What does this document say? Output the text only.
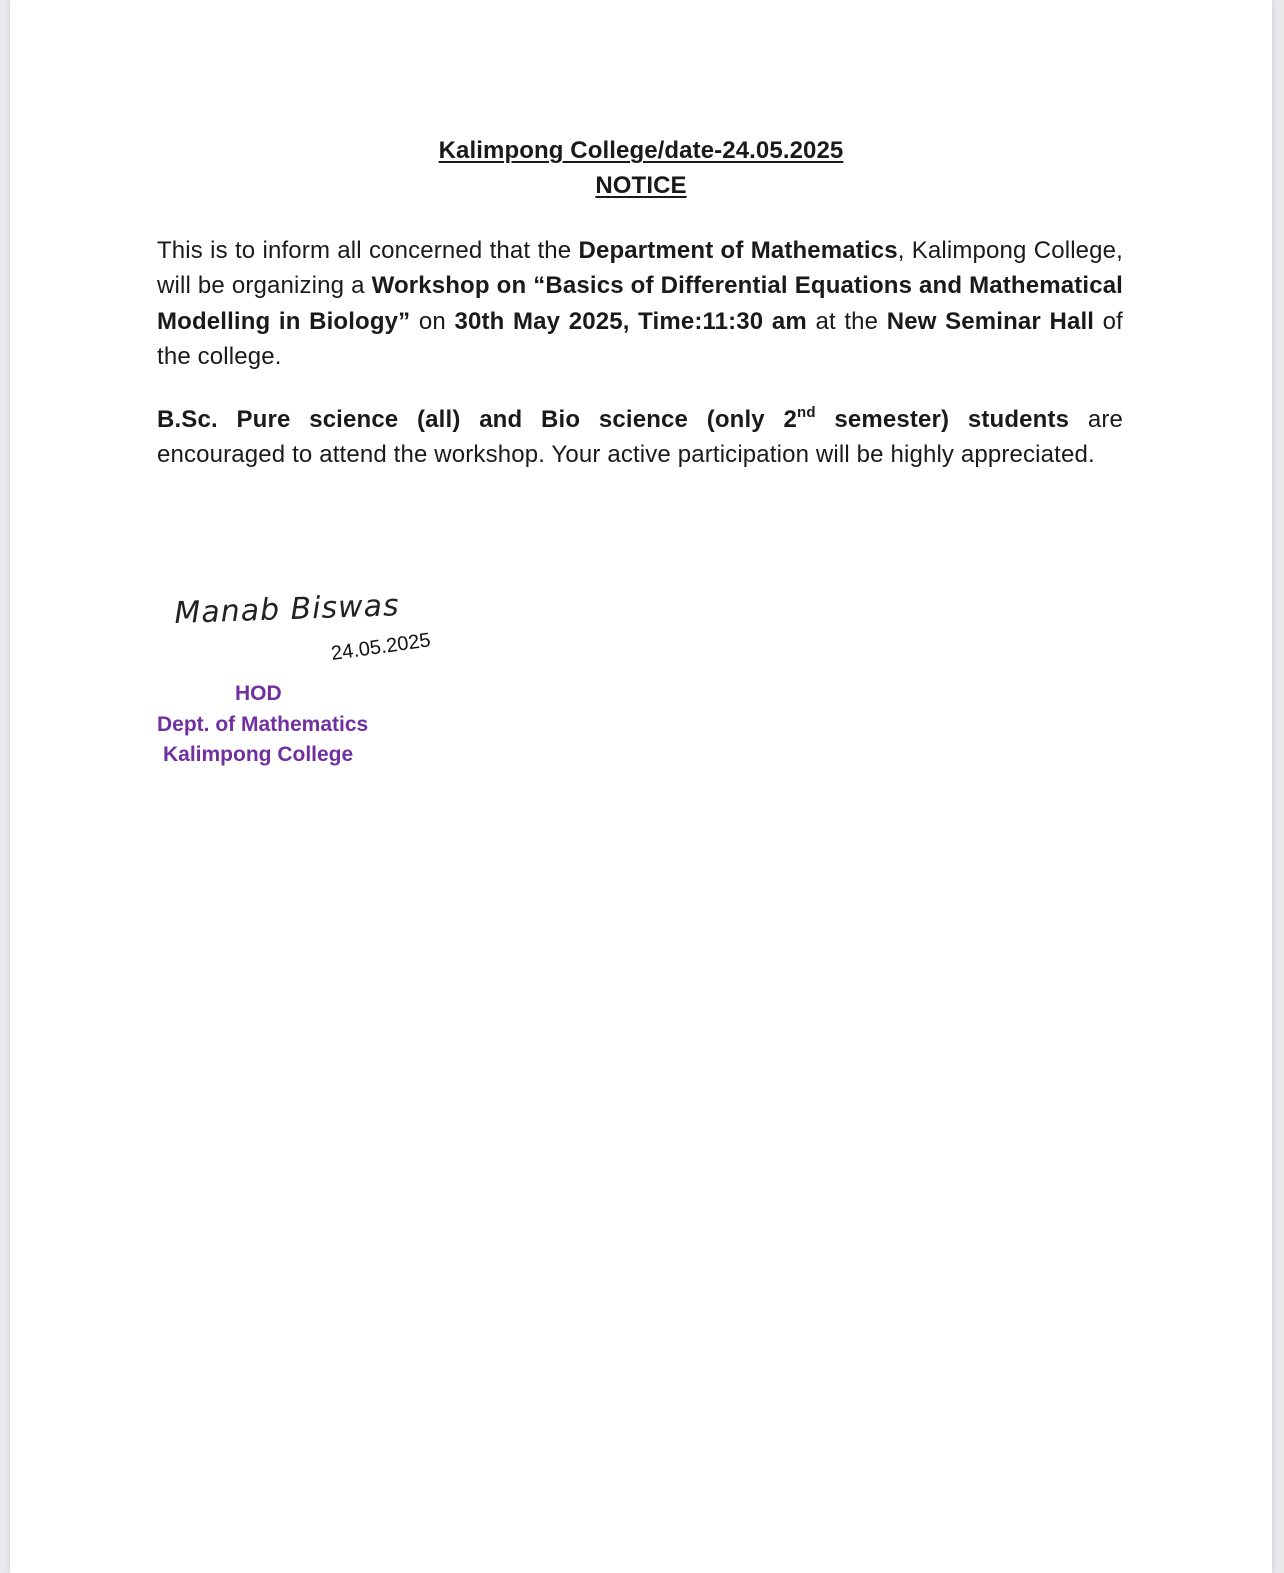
Kalimpong College/date-24.05.2025
NOTICE
This is to inform all concerned that the Department of Mathematics, Kalimpong College, will be organizing a Workshop on “Basics of Differential Equations and Mathematical Modelling in Biology” on 30th May 2025, Time:11:30 am at the New Seminar Hall of the college.
B.Sc. Pure science (all) and Bio science (only 2nd semester) students are encouraged to attend the workshop. Your active participation will be highly appreciated.
Manab Biswas
24.05.2025
HOD
Dept. of Mathematics
Kalimpong College
